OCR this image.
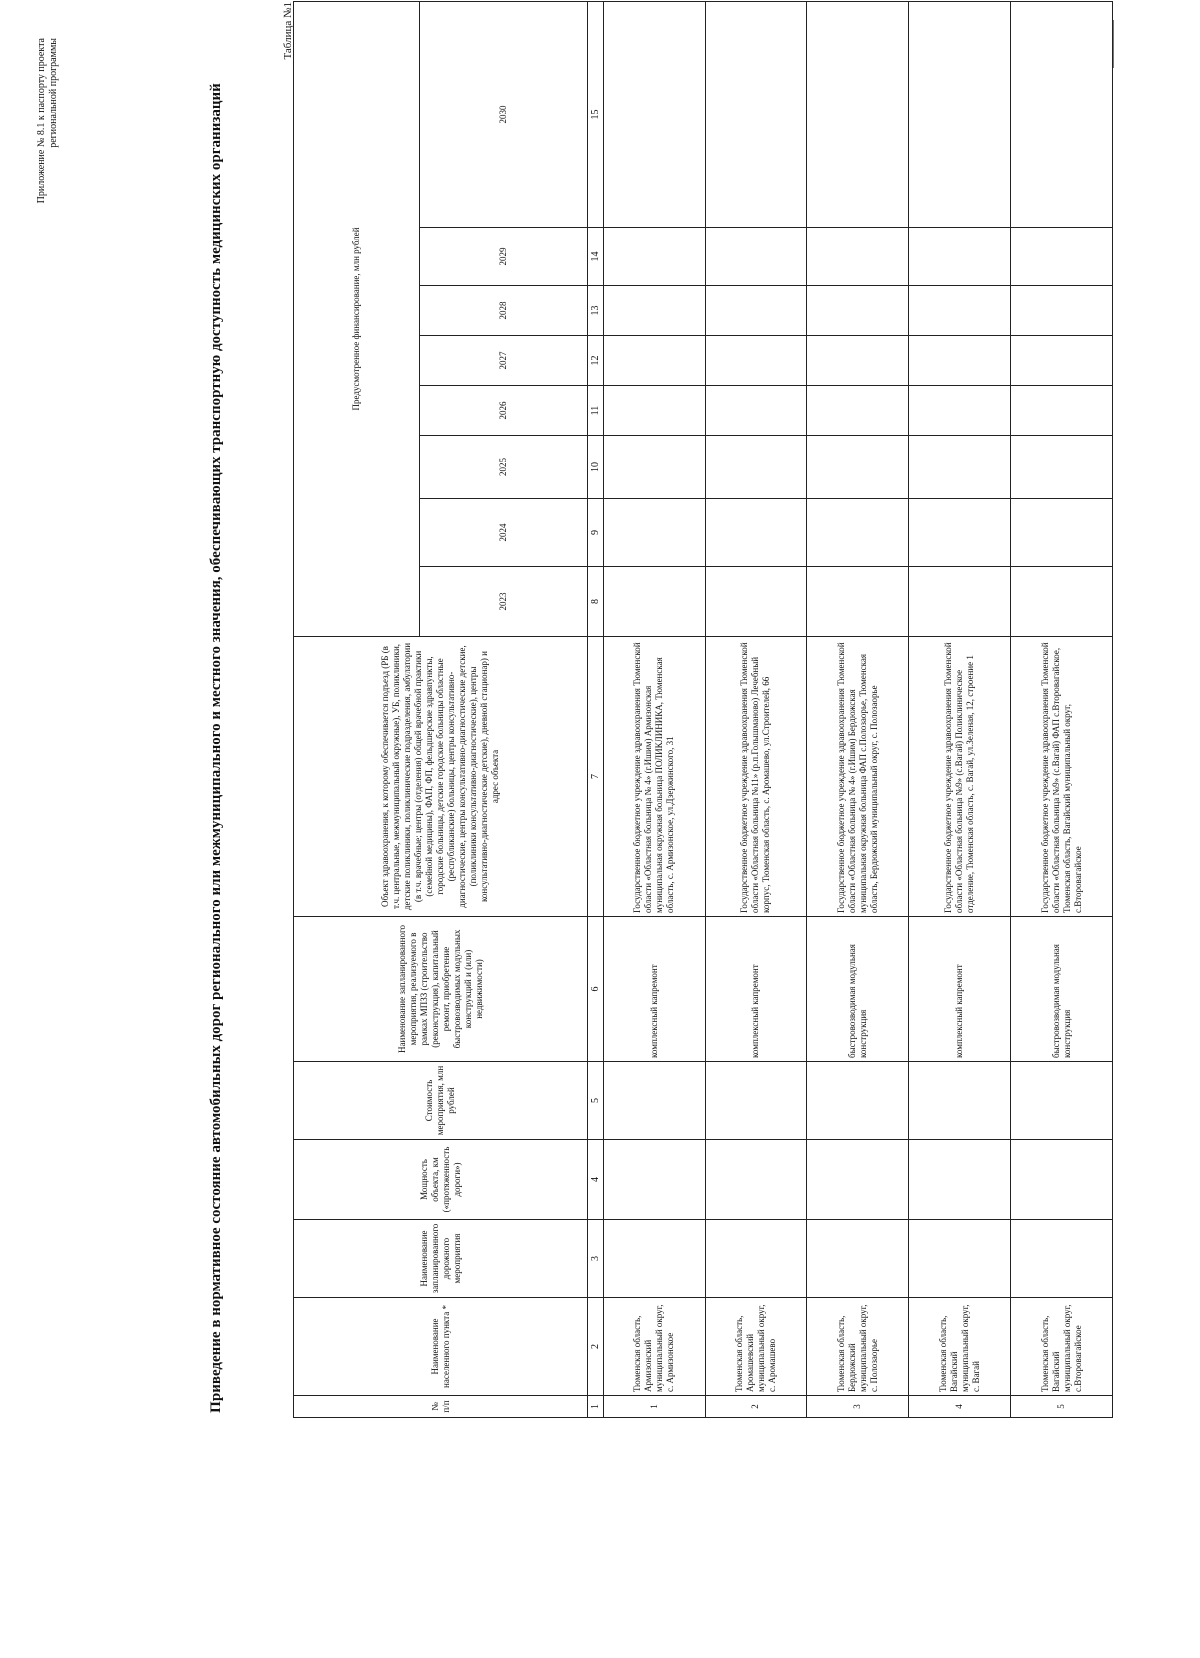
Приложение № 8.1 к паспорту проекта региональной программы	Приведение в нормативное состояние автомобильных дорог регионального или межмуниципального и местного значения, обеспечивающих транспортную доступность медицинских организаций
Таблица №1
№ п/п	Наименование населенного пункта *	Наименование запланированного дорожного мероприятия	Мощность объекта, км («протяженность дороги»)	Стоимость мероприятия, млн рублей	Наименование запланированного мероприятия, реализуемого в рамках МПЗЗ (строительство (реконструкция), капитальный ремонт, приобретение быстровозводимых модульных конструкций и (или) недвижимости)	Объект здравоохранения, к которому обеспечивается подъезд (РБ (в т.ч. центральные, межмуниципальный окружные), УБ, поликлиники, детские поликлиники, поликлинические подразделения, амбулатории (в т.ч. врачебные; центры (отделения) общей врачебной практики (семейной медицины), ФАП, ФП, фельдшерские здравпункты, городские больницы, детские городские больницы областные (республиканские) больницы, центры консультативно-диагностические, центры консультативно-диагностические детские, (поликлиники консультативно-диагностические), центры консультативно-диагностические детские), дневной стационар) и адрес объекта	Предусмотренное финансирование, млн рублей							
							2023	2024	2025	2026	2027	2028	2029	2030
1	2	3	4	5	6	7	8	9	10	11	12	13	14	15
1	Тюменская область, Армизонский муниципальный округ, с. Армизонское				комплексный капремонт	Государственное бюджетное учреждение здравоохранения Тюменской области «Областная больница № 4» (г.Ишим) Армизонская муниципальная окружная больница ПОЛИКЛИНИКА, Тюменская область, с. Армизонское, ул.Дзержинского, 31								
2	Тюменская область, Аромашевский муниципальный округ, с. Аромашево				комплексный капремонт	Государственное бюджетное учреждение здравоохранения Тюменской области «Областная больница №11» (р.п.Голышманово) Лечебный корпус, Тюменская область, с. Аромашево, ул.Строителей, 66								
3	Тюменская область, Бердюжский муниципальный округ, с. Полозаорье				быстровозводимая модульная конструкция	Государственное бюджетное учреждение здравоохранения Тюменской области «Областная больница № 4» (г.Ишим) Бердюжская муниципальная окружная больница ФАП с.Полозаорье, Тюменская область, Бердюжский муниципальный округ, с. Полозаорье								
4	Тюменская область, Вагайский муниципальный округ, с. Вагай				комплексный капремонт	Государственное бюджетное учреждение здравоохранения Тюменской области «Областная больница №9» (с.Вагай) Поликлиническое отделение, Тюменская область, с. Вагай, ул.Зеленая, 12, строение 1								
5	Тюменская область, Вагайский муниципальный округ, с.Второвагайское				быстровозводимая модульная конструкция	Государственное бюджетное учреждение здравоохранения Тюменской области «Областная больница №9» (с.Вагай) ФАП с.Второвагайское, Тюменская область, Вагайский муниципальный округ, с.Второвагайское								
